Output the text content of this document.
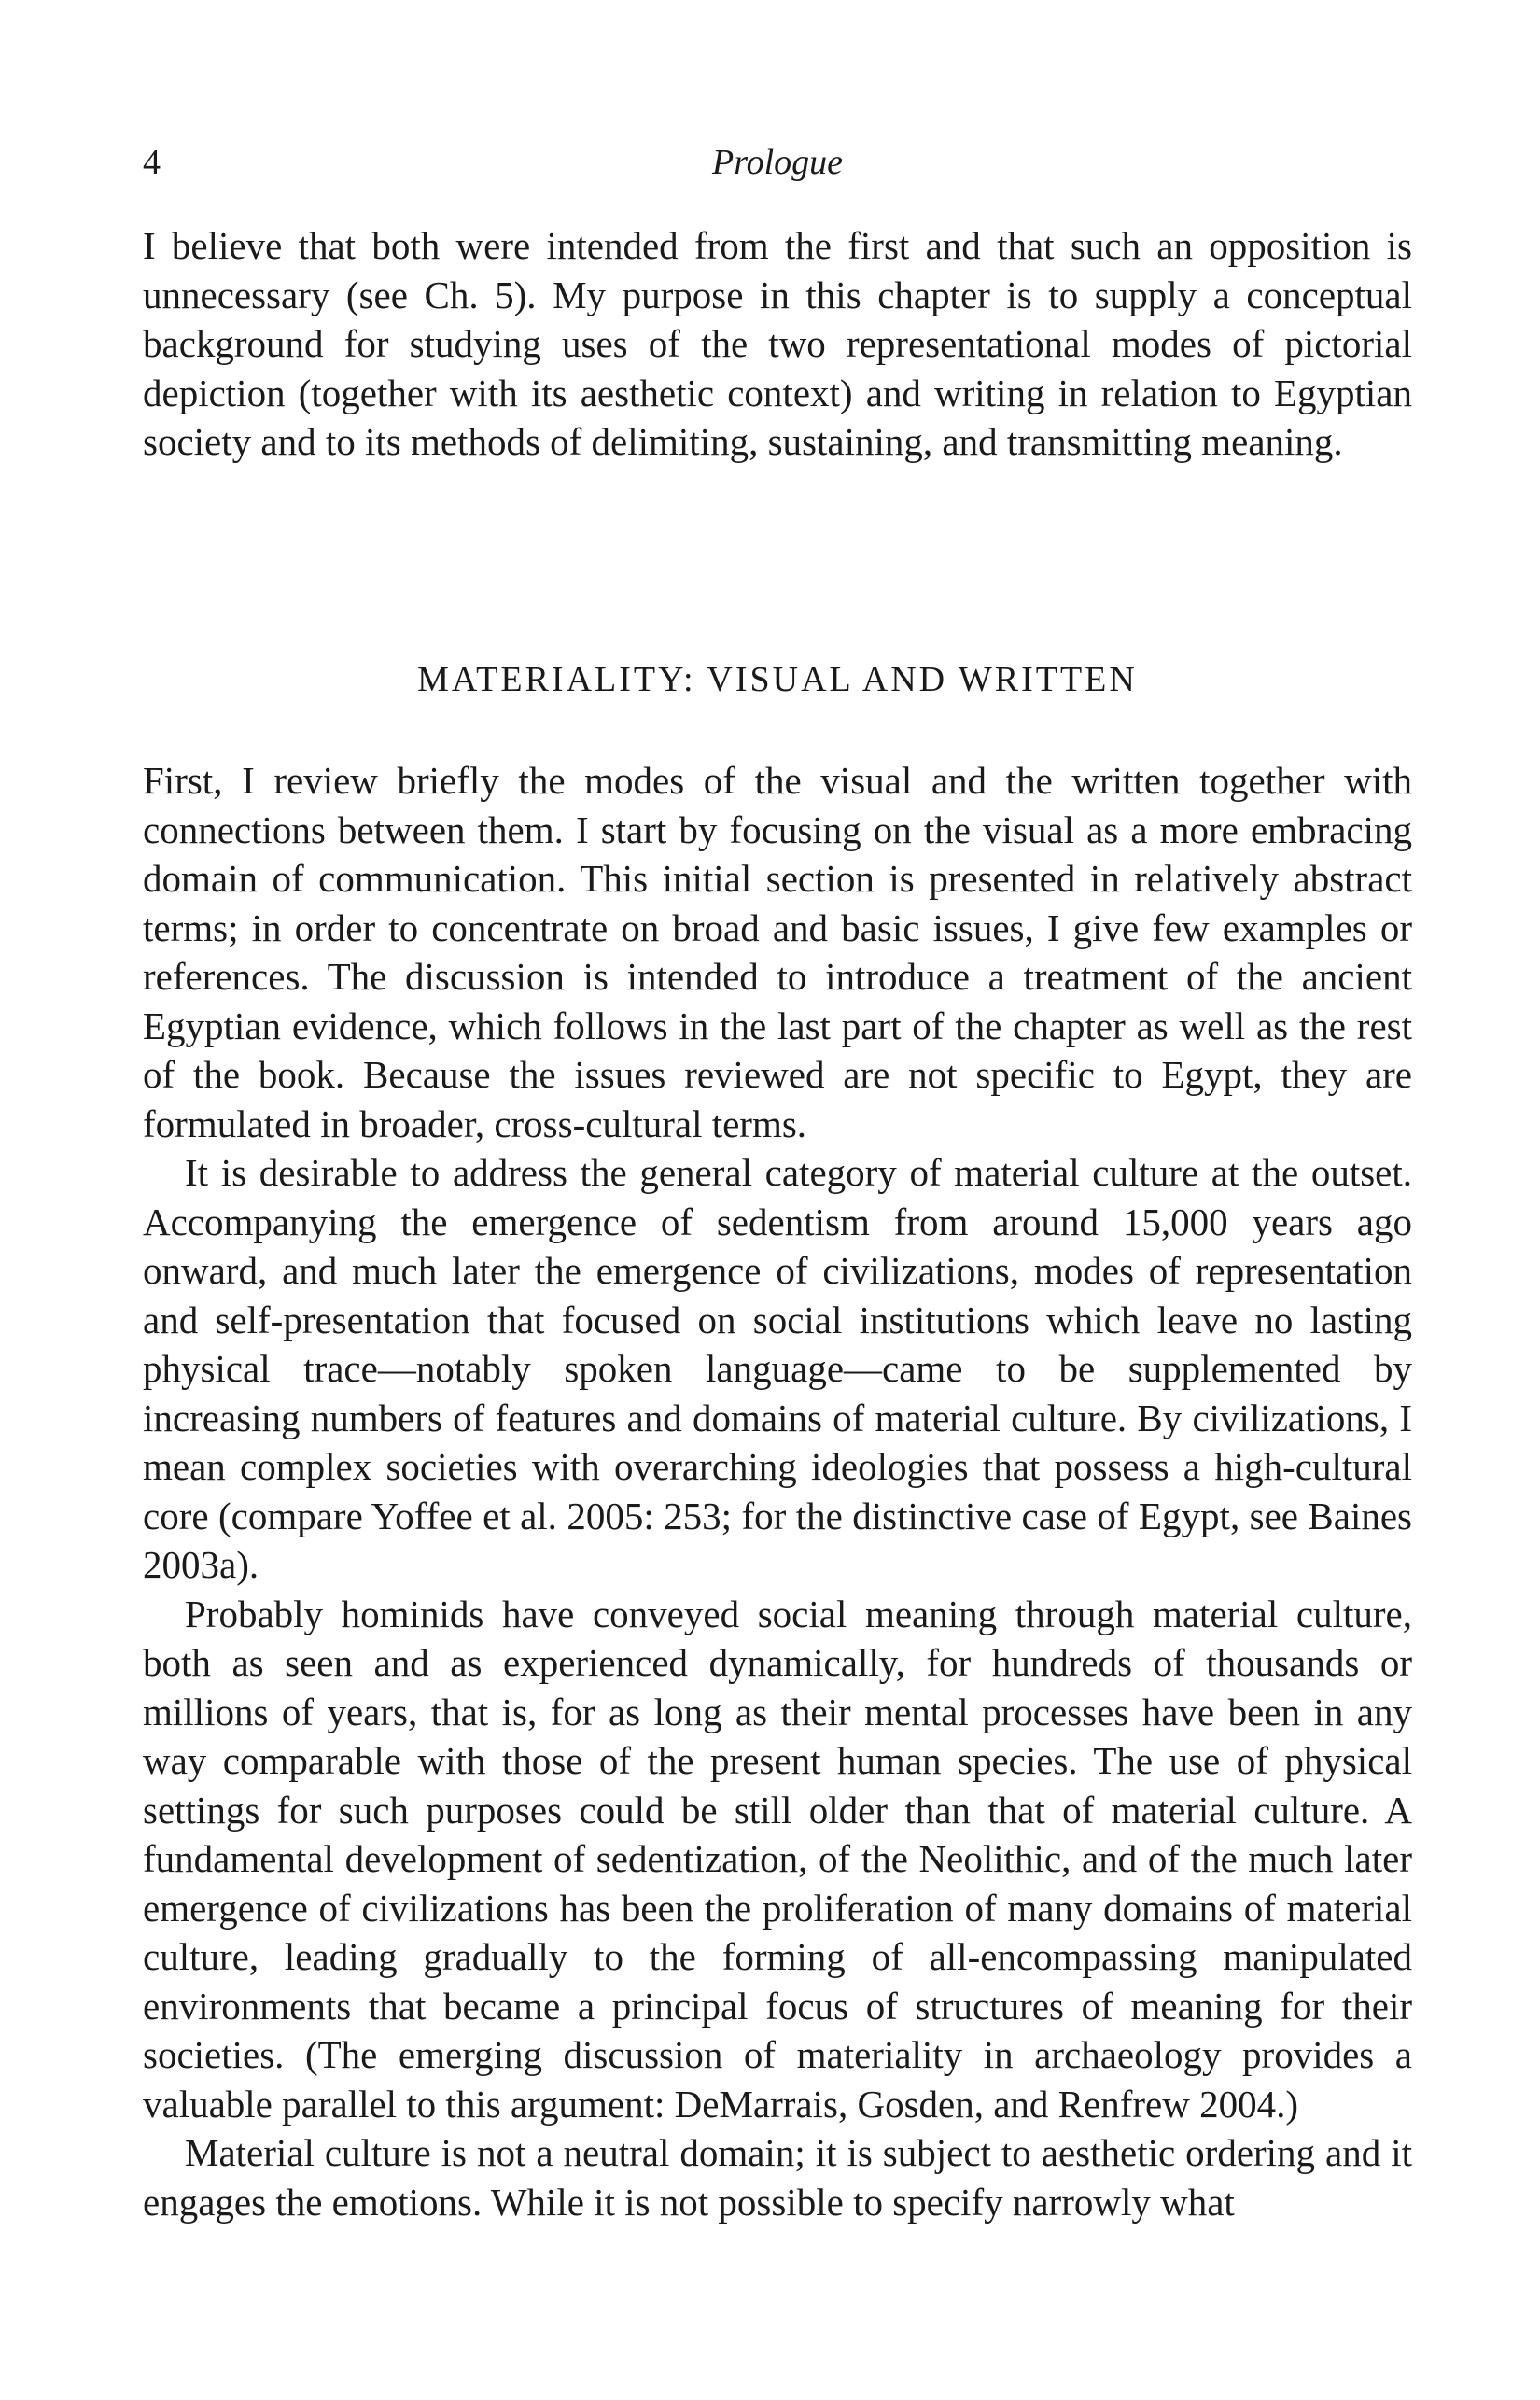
4	Prologue

I believe that both were intended from the first and that such an opposition is unnecessary (see Ch. 5). My purpose in this chapter is to supply a conceptual background for studying uses of the two representational modes of pictorial depiction (together with its aesthetic context) and writing in relation to Egyptian society and to its methods of delimiting, sustaining, and transmitting meaning.

MATERIALITY: VISUAL AND WRITTEN

First, I review briefly the modes of the visual and the written together with connections between them. I start by focusing on the visual as a more embracing domain of communication. This initial section is presented in relatively abstract terms; in order to concentrate on broad and basic issues, I give few examples or references. The discussion is intended to introduce a treatment of the ancient Egyptian evidence, which follows in the last part of the chapter as well as the rest of the book. Because the issues reviewed are not specific to Egypt, they are formulated in broader, cross-cultural terms.

It is desirable to address the general category of material culture at the outset. Accompanying the emergence of sedentism from around 15,000 years ago onward, and much later the emergence of civilizations, modes of representation and self-presentation that focused on social institutions which leave no lasting physical trace—notably spoken language—came to be supplemented by increasing numbers of features and domains of material culture. By civilizations, I mean complex societies with overarching ideologies that possess a high-cultural core (compare Yoffee et al. 2005: 253; for the distinctive case of Egypt, see Baines 2003a).

Probably hominids have conveyed social meaning through material culture, both as seen and as experienced dynamically, for hundreds of thousands or millions of years, that is, for as long as their mental processes have been in any way comparable with those of the present human species. The use of physical settings for such purposes could be still older than that of material culture. A fundamental development of sedentization, of the Neolithic, and of the much later emergence of civilizations has been the proliferation of many domains of material culture, leading gradually to the forming of all-encompassing manipulated environments that became a principal focus of structures of meaning for their societies. (The emerging discussion of materiality in archaeology provides a valuable parallel to this argument: DeMarrais, Gosden, and Renfrew 2004.)

Material culture is not a neutral domain; it is subject to aesthetic ordering and it engages the emotions. While it is not possible to specify narrowly what
